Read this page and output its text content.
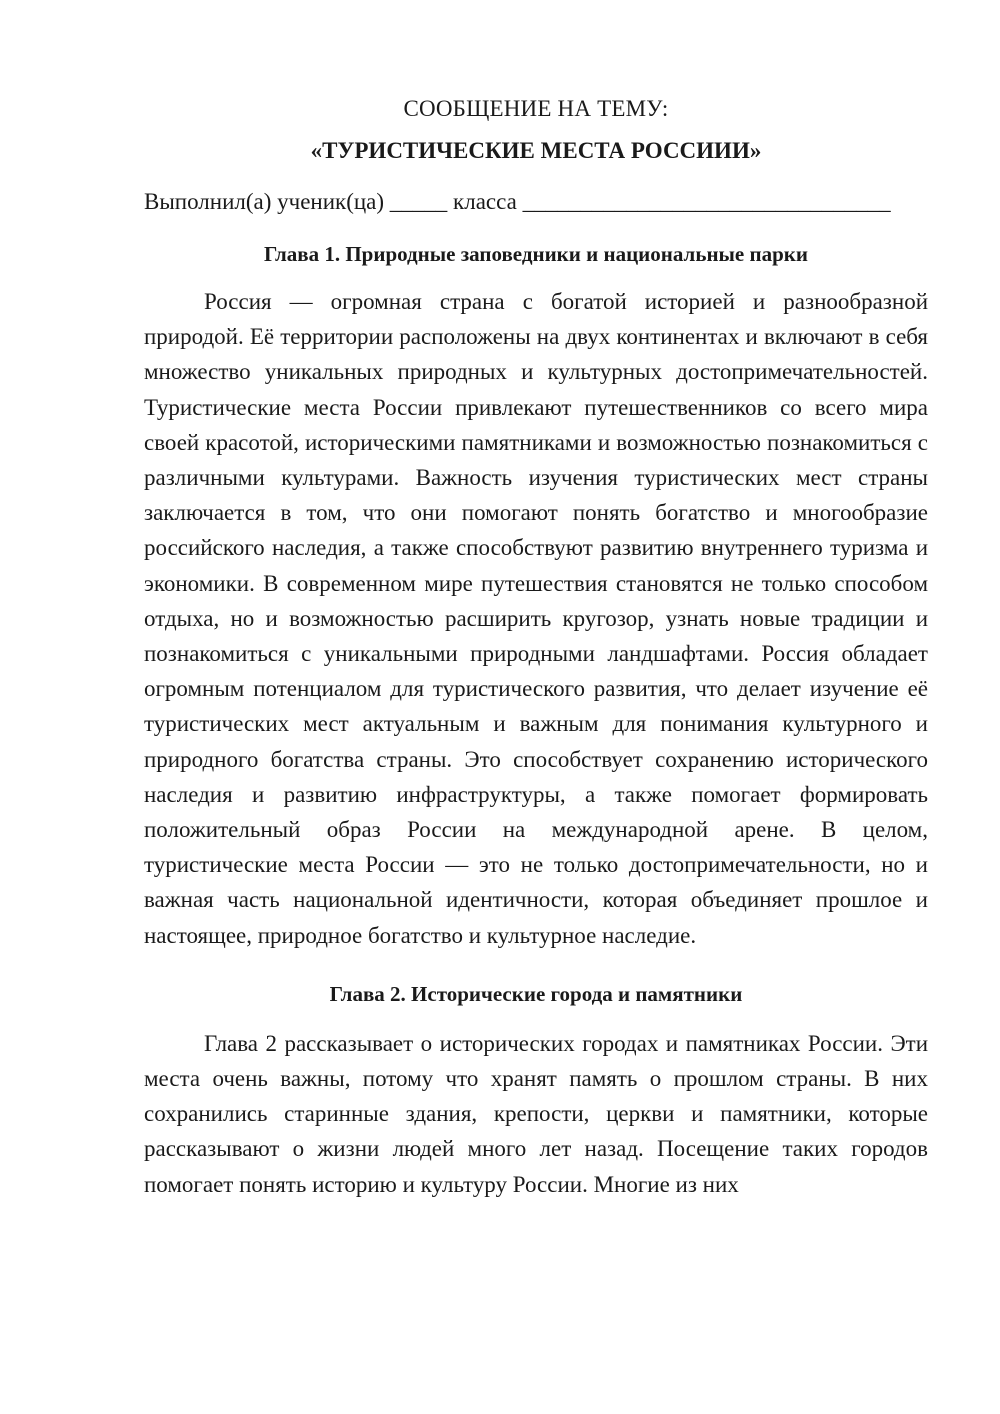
СООБЩЕНИЕ НА ТЕМУ:

«ТУРИСТИЧЕСКИЕ МЕСТА РОССИИИ»

Выполнил(а) ученик(ца) _____ класса ________________________________
Глава 1. Природные заповедники и национальные парки

Россия — огромная страна с богатой историей и разнообразной природой. Её территории расположены на двух континентах и включают в себя множество уникальных природных и культурных достопримечательностей. Туристические места России привлекают путешественников со всего мира своей красотой, историческими памятниками и возможностью познакомиться с различными культурами. Важность изучения туристических мест страны заключается в том, что они помогают понять богатство и многообразие российского наследия, а также способствуют развитию внутреннего туризма и экономики. В современном мире путешествия становятся не только способом отдыха, но и возможностью расширить кругозор, узнать новые традиции и познакомиться с уникальными природными ландшафтами. Россия обладает огромным потенциалом для туристического развития, что делает изучение её туристических мест актуальным и важным для понимания культурного и природного богатства страны. Это способствует сохранению исторического наследия и развитию инфраструктуры, а также помогает формировать положительный образ России на международной арене. В целом, туристические места России — это не только достопримечательности, но и важная часть национальной идентичности, которая объединяет прошлое и настоящее, природное богатство и культурное наследие.

Глава 2. Исторические города и памятники

Глава 2 рассказывает о исторических городах и памятниках России. Эти места очень важны, потому что хранят память о прошлом страны. В них сохранились старинные здания, крепости, церкви и памятники, которые рассказывают о жизни людей много лет назад. Посещение таких городов помогает понять историю и культуру России. Многие из них
